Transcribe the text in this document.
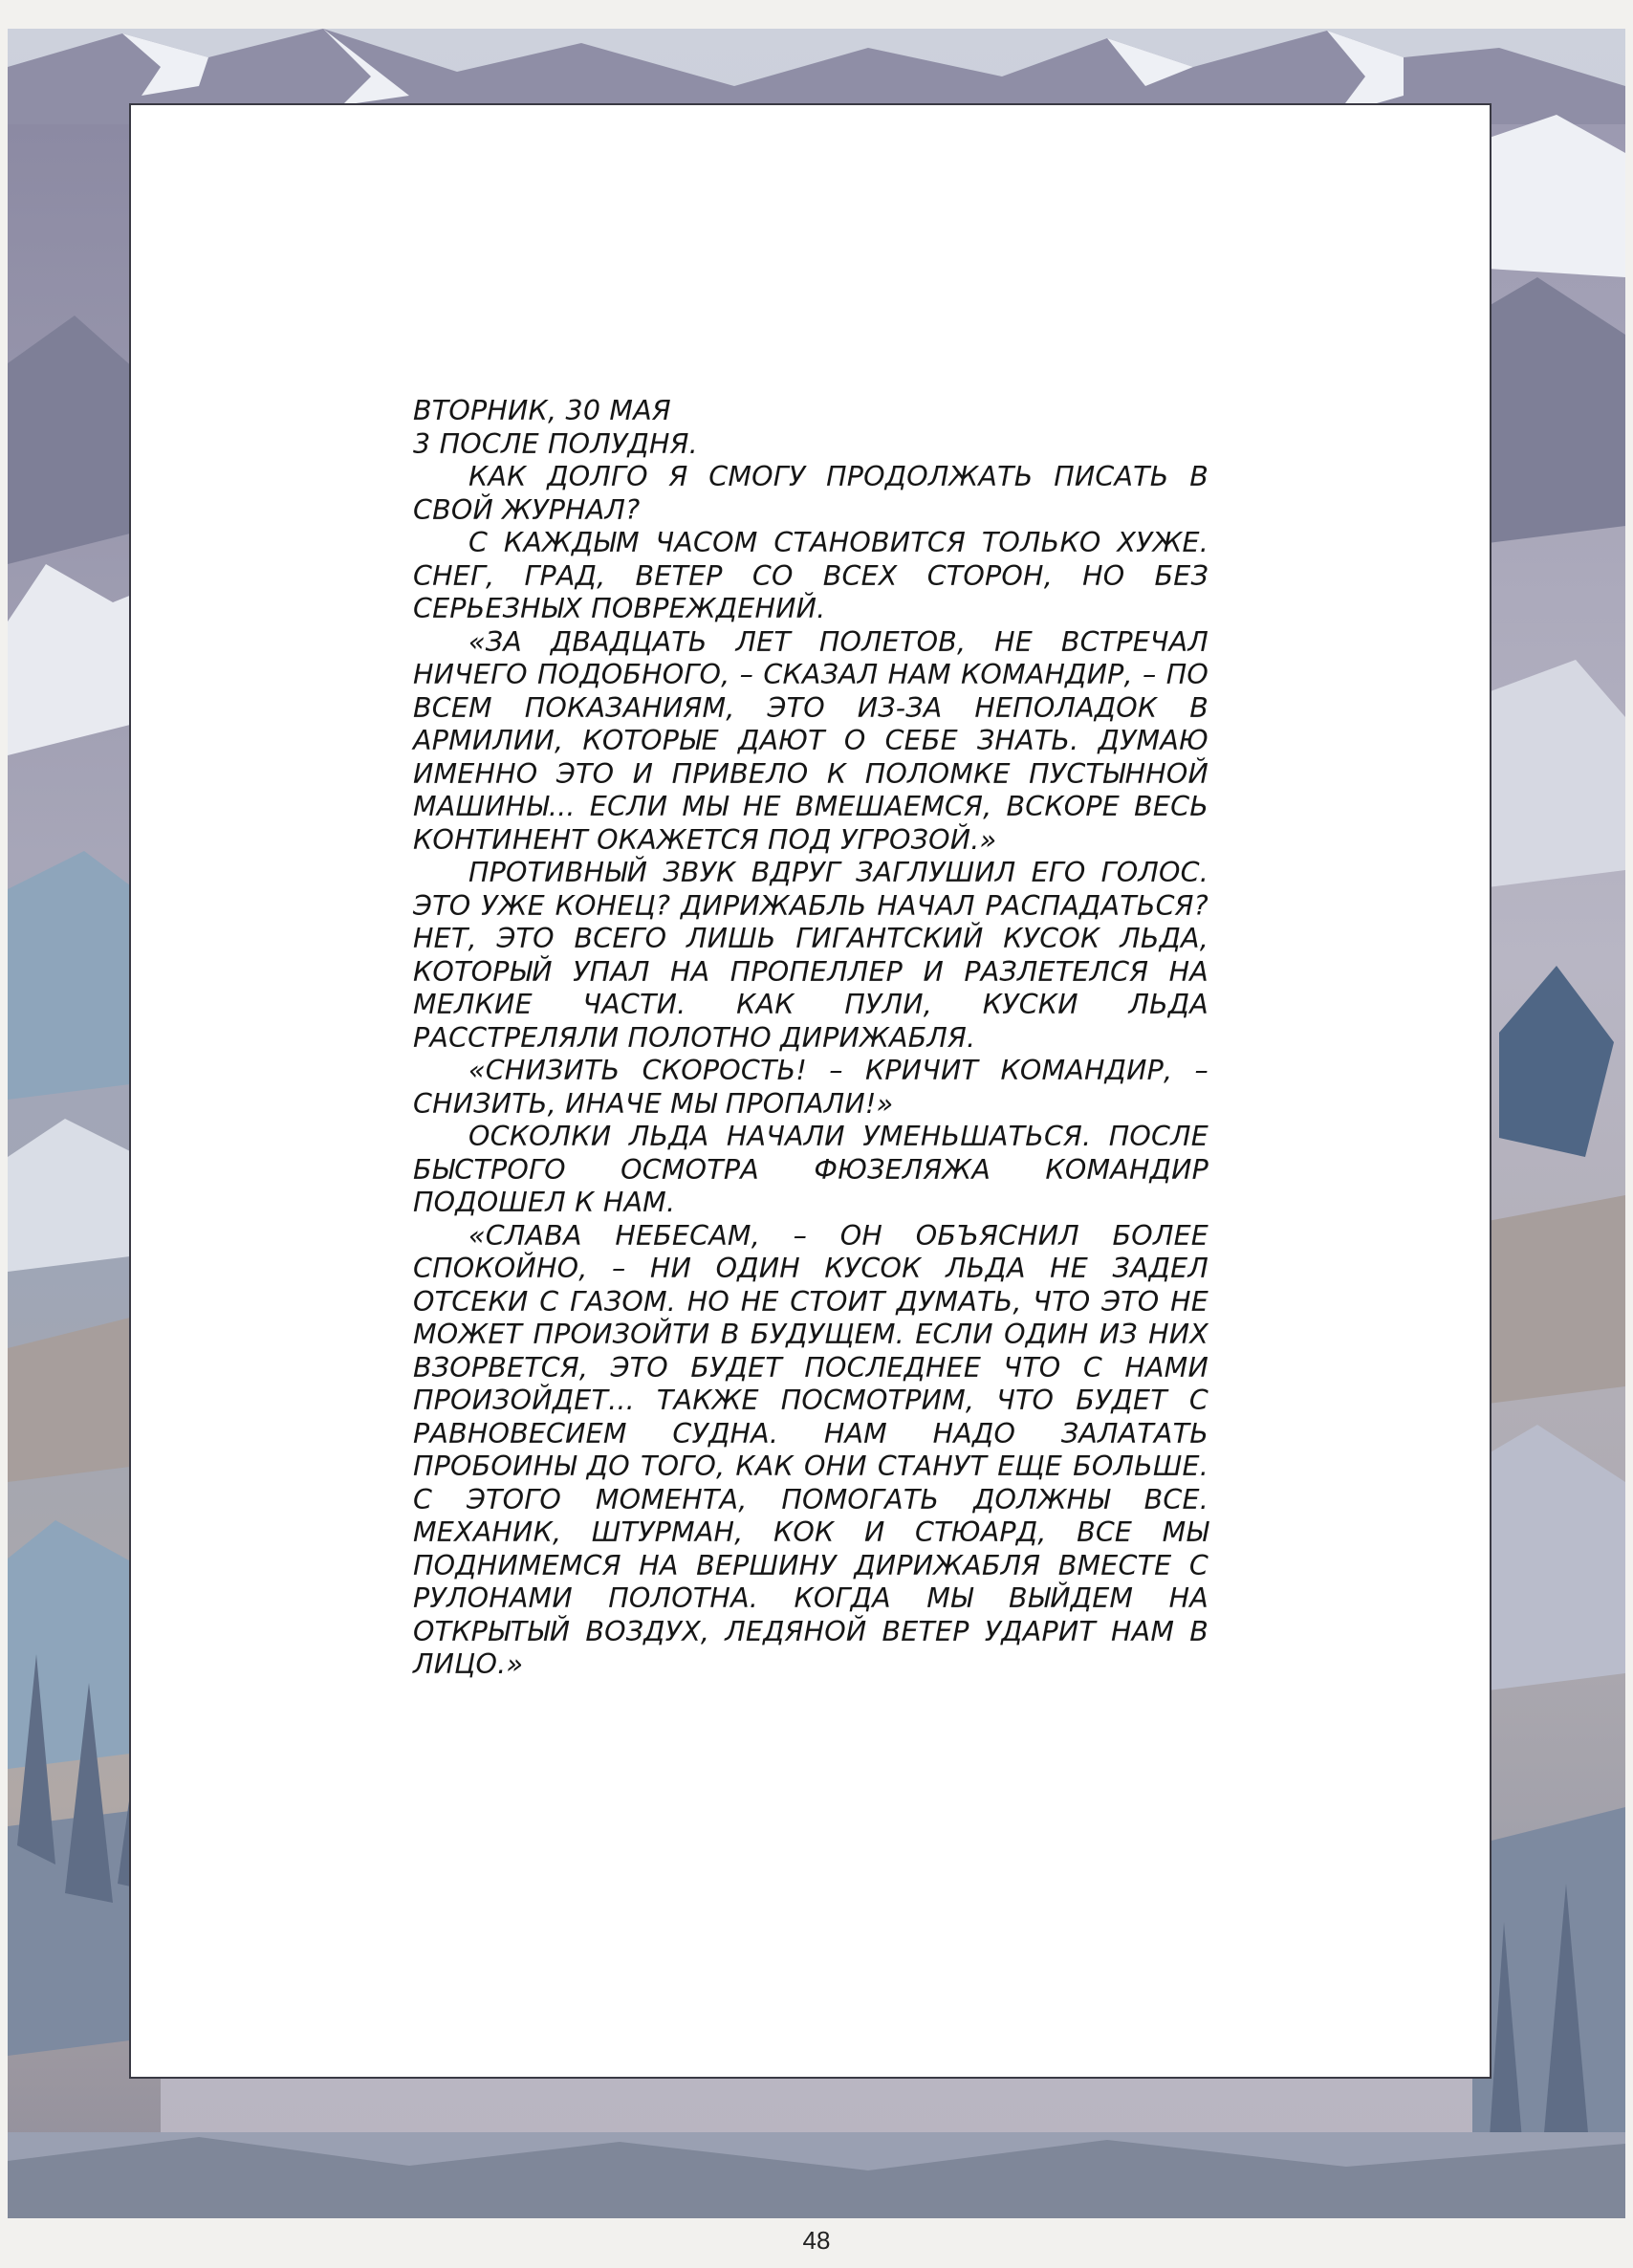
ВТОРНИК, 30 МАЯ
3 ПОСЛЕ ПОЛУДНЯ.

КАК ДОЛГО Я СМОГУ ПРОДОЛЖАТЬ ПИСАТЬ В СВОЙ ЖУРНАЛ?

С КАЖДЫМ ЧАСОМ СТАНОВИТСЯ ТОЛЬКО ХУЖЕ. СНЕГ, ГРАД, ВЕТЕР СО ВСЕХ СТОРОН, НО БЕЗ СЕРЬЕЗНЫХ ПОВРЕЖДЕНИЙ.

«ЗА ДВАДЦАТЬ ЛЕТ ПОЛЕТОВ, НЕ ВСТРЕЧАЛ НИЧЕГО ПОДОБНОГО, – СКАЗАЛ НАМ КОМАНДИР, – ПО ВСЕМ ПОКАЗАНИЯМ, ЭТО ИЗ-ЗА НЕПОЛАДОК В АРМИЛИИ, КОТОРЫЕ ДАЮТ О СЕБЕ ЗНАТЬ. ДУМАЮ ИМЕННО ЭТО И ПРИВЕЛО К ПОЛОМКЕ ПУСТЫННОЙ МАШИНЫ... ЕСЛИ МЫ НЕ ВМЕШАЕМСЯ, ВСКОРЕ ВЕСЬ КОНТИНЕНТ ОКАЖЕТСЯ ПОД УГРОЗОЙ.»

ПРОТИВНЫЙ ЗВУК ВДРУГ ЗАГЛУШИЛ ЕГО ГОЛОС. ЭТО УЖЕ КОНЕЦ? ДИРИЖАБЛЬ НАЧАЛ РАСПАДАТЬСЯ? НЕТ, ЭТО ВСЕГО ЛИШЬ ГИГАНТСКИЙ КУСОК ЛЬДА, КОТОРЫЙ УПАЛ НА ПРОПЕЛЛЕР И РАЗЛЕТЕЛСЯ НА МЕЛКИЕ ЧАСТИ. КАК ПУЛИ, КУСКИ ЛЬДА РАССТРЕЛЯЛИ ПОЛОТНО ДИРИЖАБЛЯ.

«СНИЗИТЬ СКОРОСТЬ! – КРИЧИТ КОМАНДИР, – СНИЗИТЬ, ИНАЧЕ МЫ ПРОПАЛИ!»

ОСКОЛКИ ЛЬДА НАЧАЛИ УМЕНЬШАТЬСЯ. ПОСЛЕ БЫСТРОГО ОСМОТРА ФЮЗЕЛЯЖА КОМАНДИР ПОДОШЕЛ К НАМ.

«СЛАВА НЕБЕСАМ, – ОН ОБЪЯСНИЛ БОЛЕЕ СПОКОЙНО, – НИ ОДИН КУСОК ЛЬДА НЕ ЗАДЕЛ ОТСЕКИ С ГАЗОМ. НО НЕ СТОИТ ДУМАТЬ, ЧТО ЭТО НЕ МОЖЕТ ПРОИЗОЙТИ В БУДУЩЕМ. ЕСЛИ ОДИН ИЗ НИХ ВЗОРВЕТСЯ, ЭТО БУДЕТ ПОСЛЕДНЕЕ ЧТО С НАМИ ПРОИЗОЙДЕТ... ТАКЖЕ ПОСМОТРИМ, ЧТО БУДЕТ С РАВНОВЕСИЕМ СУДНА. НАМ НАДО ЗАЛАТАТЬ ПРОБОИНЫ ДО ТОГО, КАК ОНИ СТАНУТ ЕЩЕ БОЛЬШЕ. С ЭТОГО МОМЕНТА, ПОМОГАТЬ ДОЛЖНЫ ВСЕ. МЕХАНИК, ШТУРМАН, КОК И СТЮАРД, ВСЕ МЫ ПОДНИМЕМСЯ НА ВЕРШИНУ ДИРИЖАБЛЯ ВМЕСТЕ С РУЛОНАМИ ПОЛОТНА. КОГДА МЫ ВЫЙДЕМ НА ОТКРЫТЫЙ ВОЗДУХ, ЛЕДЯНОЙ ВЕТЕР УДАРИТ НАМ В ЛИЦО.»

48
